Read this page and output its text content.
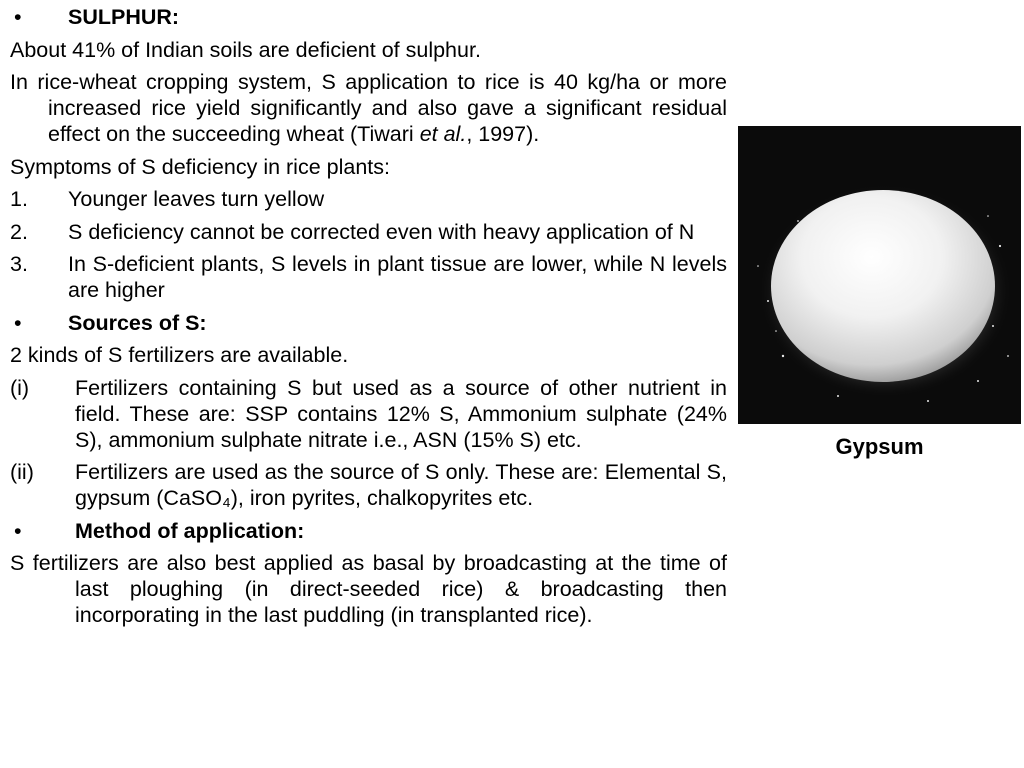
•	SULPHUR:

About 41% of Indian soils are deficient of sulphur.

In rice-wheat cropping system, S application to rice is 40 kg/ha or more increased rice yield significantly and also gave a significant residual effect on the succeeding wheat (Tiwari et al., 1997).

Symptoms of S deficiency in rice plants:

1.	Younger leaves turn yellow
2.	S deficiency cannot be corrected even with heavy application of N
3.	In S-deficient plants, S levels in plant tissue are lower, while N levels are higher
•	Sources of S:

2 kinds of S fertilizers are available.

(i)	Fertilizers containing S but used as a source of other nutrient in field. These are: SSP contains 12% S, Ammonium sulphate (24% S), ammonium sulphate nitrate i.e., ASN (15% S) etc.
(ii)	Fertilizers are used as the source of S only. These are: Elemental S, gypsum (CaSO₄), iron pyrites, chalkopyrites etc.
•	Method of application:

S fertilizers are also best applied as basal by broadcasting at the time of last ploughing (in direct-seeded rice) & broadcasting then incorporating in the last puddling (in transplanted rice).

Gypsum
